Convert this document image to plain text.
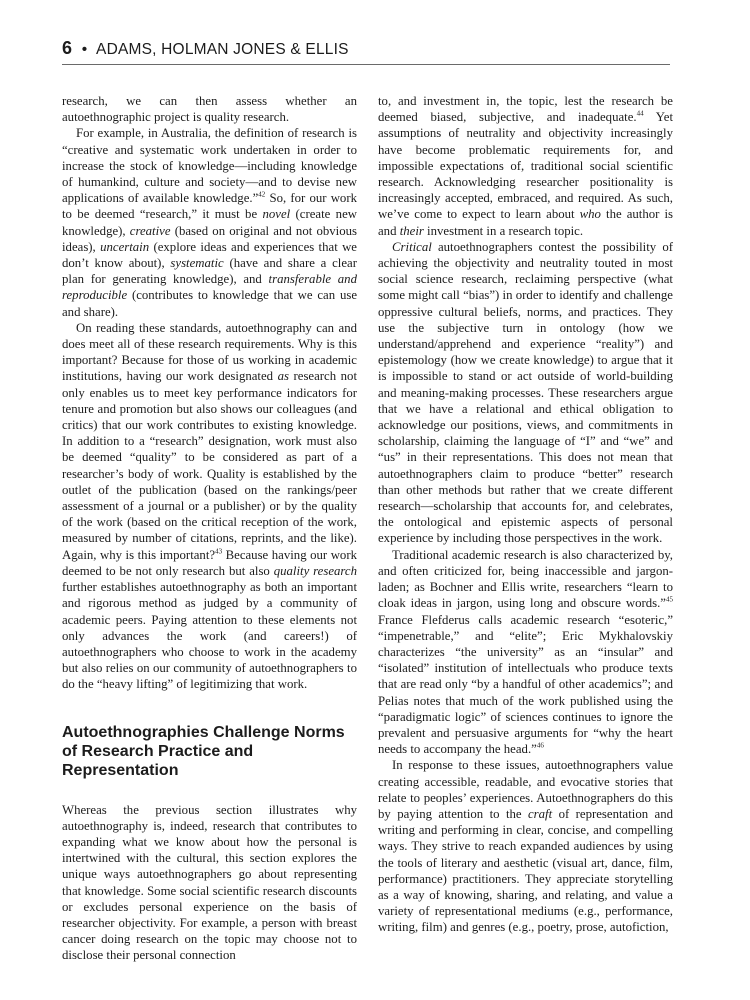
6 • ADAMS, HOLMAN JONES & ELLIS

research, we can then assess whether an autoethnographic project is quality research.

For example, in Australia, the definition of research is “creative and systematic work undertaken in order to increase the stock of knowledge—including knowledge of humankind, culture and society—and to devise new applications of available knowledge.”$^{42}$ So, for our work to be deemed “research,” it must be novel (create new knowledge), creative (based on original and not obvious ideas), uncertain (explore ideas and experiences that we don’t know about), systematic (have and share a clear plan for generating knowledge), and transferable and reproducible (contributes to knowledge that we can use and share).

On reading these standards, autoethnography can and does meet all of these research requirements. Why is this important? Because for those of us working in academic institutions, having our work designated as research not only enables us to meet key performance indicators for tenure and promotion but also shows our colleagues (and critics) that our work contributes to existing knowledge. In addition to a “research” designation, work must also be deemed “quality” to be considered as part of a researcher’s body of work. Quality is established by the outlet of the publication (based on the rankings/peer assessment of a journal or a publisher) or by the quality of the work (based on the critical reception of the work, measured by number of citations, reprints, and the like). Again, why is this important?$^{43}$ Because having our work deemed to be not only research but also quality research further establishes autoethnography as both an important and rigorous method as judged by a community of academic peers. Paying attention to these elements not only advances the work (and careers!) of autoethnographers who choose to work in the academy but also relies on our community of autoethnographers to do the “heavy lifting” of legitimizing that work.

Autoethnographies Challenge Norms of Research Practice and Representation

Whereas the previous section illustrates why autoethnography is, indeed, research that contributes to expanding what we know about how the personal is intertwined with the cultural, this section explores the unique ways autoethnographers go about representing that knowledge. Some social scientific research discounts or excludes personal experience on the basis of researcher objectivity. For example, a person with breast cancer doing research on the topic may choose not to disclose their personal connection

to, and investment in, the topic, lest the research be deemed biased, subjective, and inadequate.$^{44}$ Yet assumptions of neutrality and objectivity increasingly have become problematic requirements for, and impossible expectations of, traditional social scientific research. Acknowledging researcher positionality is increasingly accepted, embraced, and required. As such, we’ve come to expect to learn about who the author is and their investment in a research topic.

Critical autoethnographers contest the possibility of achieving the objectivity and neutrality touted in most social science research, reclaiming perspective (what some might call “bias”) in order to identify and challenge oppressive cultural beliefs, norms, and practices. They use the subjective turn in ontology (how we understand/apprehend and experience “reality”) and epistemology (how we create knowledge) to argue that it is impossible to stand or act outside of world-building and meaning-making processes. These researchers argue that we have a relational and ethical obligation to acknowledge our positions, views, and commitments in scholarship, claiming the language of “I” and “we” and “us” in their representations. This does not mean that autoethnographers claim to produce “better” research than other methods but rather that we create different research—scholarship that accounts for, and celebrates, the ontological and epistemic aspects of personal experience by including those perspectives in the work.

Traditional academic research is also characterized by, and often criticized for, being inaccessible and jargon-laden; as Bochner and Ellis write, researchers “learn to cloak ideas in jargon, using long and obscure words.”$^{45}$ France Flefderus calls academic research “esoteric,” “impenetrable,” and “elite”; Eric Mykhalovskiy characterizes “the university” as an “insular” and “isolated” institution of intellectuals who produce texts that are read only “by a handful of other academics”; and Pelias notes that much of the work published using the “paradigmatic logic” of sciences continues to ignore the prevalent and persuasive arguments for “why the heart needs to accompany the head.”$^{46}$

In response to these issues, autoethnographers value creating accessible, readable, and evocative stories that relate to peoples’ experiences. Autoethnographers do this by paying attention to the craft of representation and writing and performing in clear, concise, and compelling ways. They strive to reach expanded audiences by using the tools of literary and aesthetic (visual art, dance, film, performance) practitioners. They appreciate storytelling as a way of knowing, sharing, and relating, and value a variety of representational mediums (e.g., performance, writing, film) and genres (e.g., poetry, prose, autofiction,
